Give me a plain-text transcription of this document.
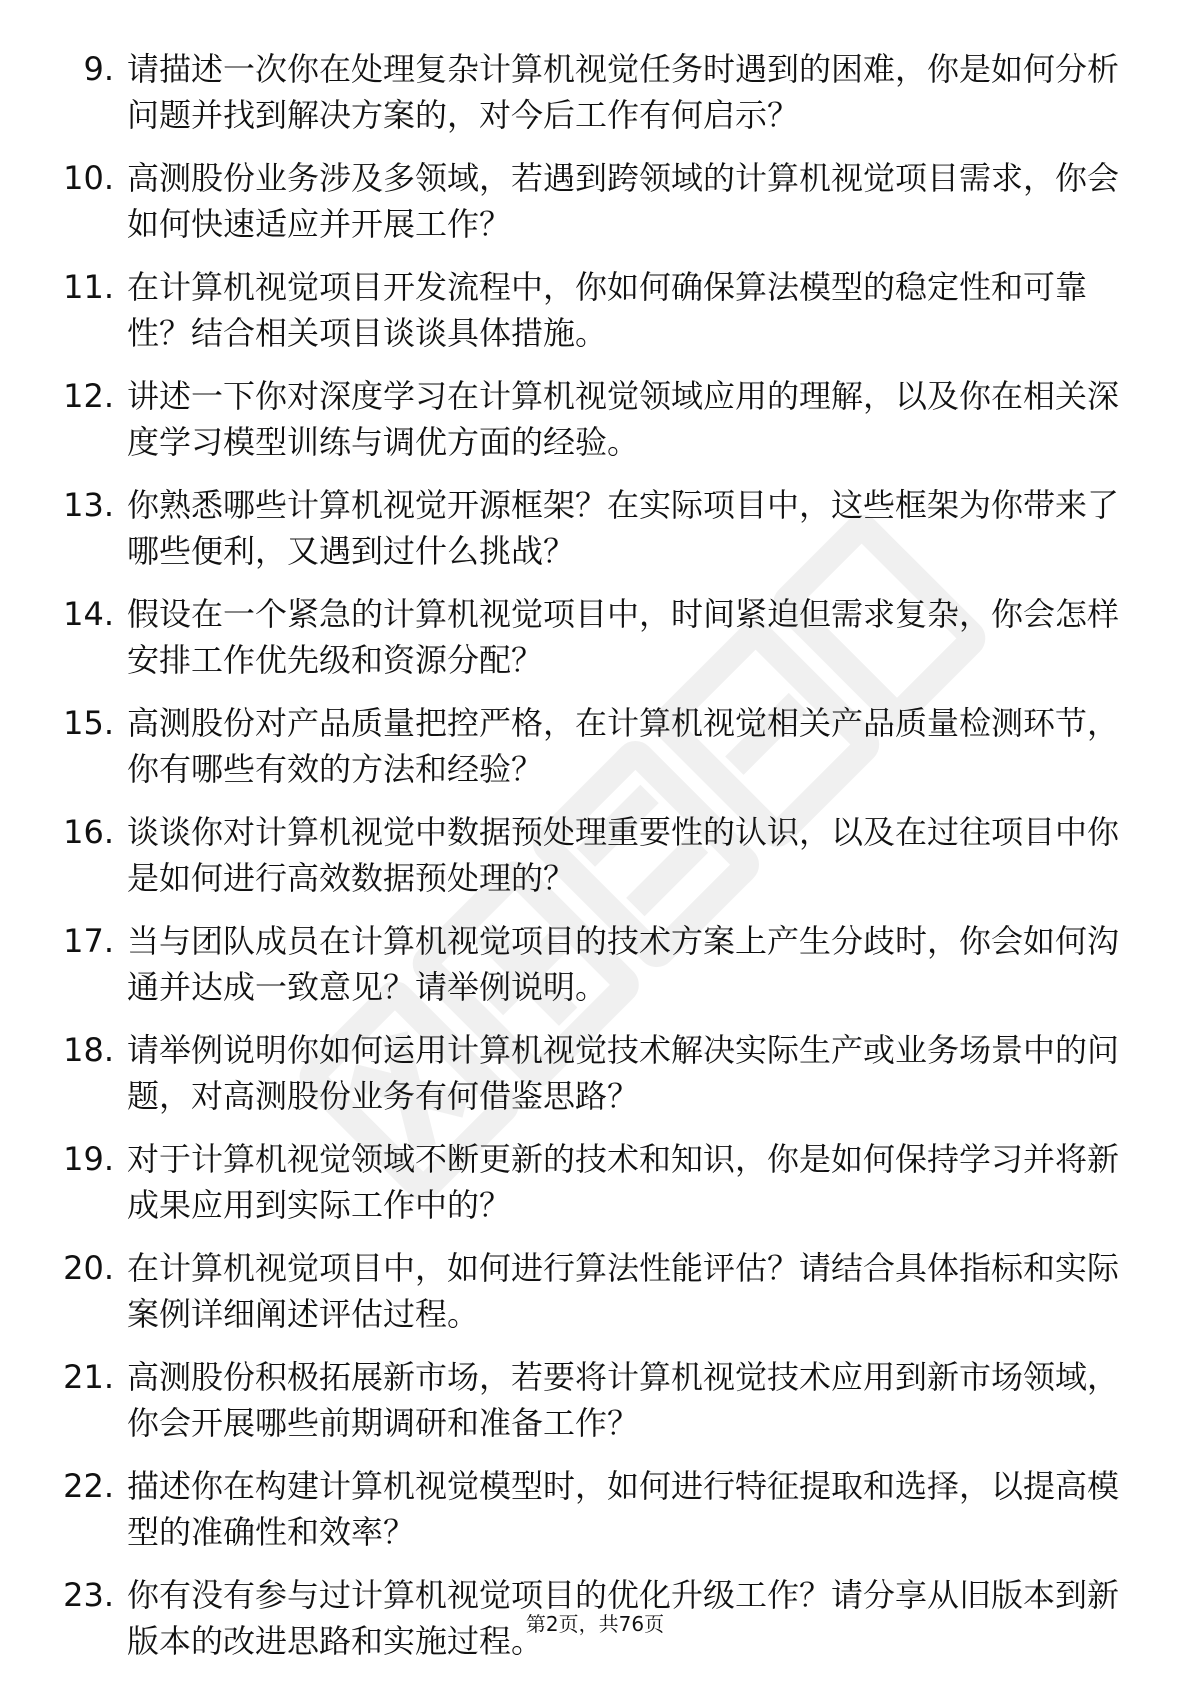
9. 请描述一次你在处理复杂计算机视觉任务时遇到的困难，你是如何分析问题并找到解决方案的，对今后工作有何启示？
10. 高测股份业务涉及多领域，若遇到跨领域的计算机视觉项目需求，你会如何快速适应并开展工作？
11. 在计算机视觉项目开发流程中，你如何确保算法模型的稳定性和可靠性？结合相关项目谈谈具体措施。
12. 讲述一下你对深度学习在计算机视觉领域应用的理解，以及你在相关深度学习模型训练与调优方面的经验。
13. 你熟悉哪些计算机视觉开源框架？在实际项目中，这些框架为你带来了哪些便利，又遇到过什么挑战？
14. 假设在一个紧急的计算机视觉项目中，时间紧迫但需求复杂，你会怎样安排工作优先级和资源分配？
15. 高测股份对产品质量把控严格，在计算机视觉相关产品质量检测环节，你有哪些有效的方法和经验？
16. 谈谈你对计算机视觉中数据预处理重要性的认识，以及在过往项目中你是如何进行高效数据预处理的？
17. 当与团队成员在计算机视觉项目的技术方案上产生分歧时，你会如何沟通并达成一致意见？请举例说明。
18. 请举例说明你如何运用计算机视觉技术解决实际生产或业务场景中的问题，对高测股份业务有何借鉴思路？
19. 对于计算机视觉领域不断更新的技术和知识，你是如何保持学习并将新成果应用到实际工作中的？
20. 在计算机视觉项目中，如何进行算法性能评估？请结合具体指标和实际案例详细阐述评估过程。
21. 高测股份积极拓展新市场，若要将计算机视觉技术应用到新市场领域，你会开展哪些前期调研和准备工作？
22. 描述你在构建计算机视觉模型时，如何进行特征提取和选择，以提高模型的准确性和效率？
23. 你有没有参与过计算机视觉项目的优化升级工作？请分享从旧版本到新版本的改进思路和实施过程。
第2页，共76页
